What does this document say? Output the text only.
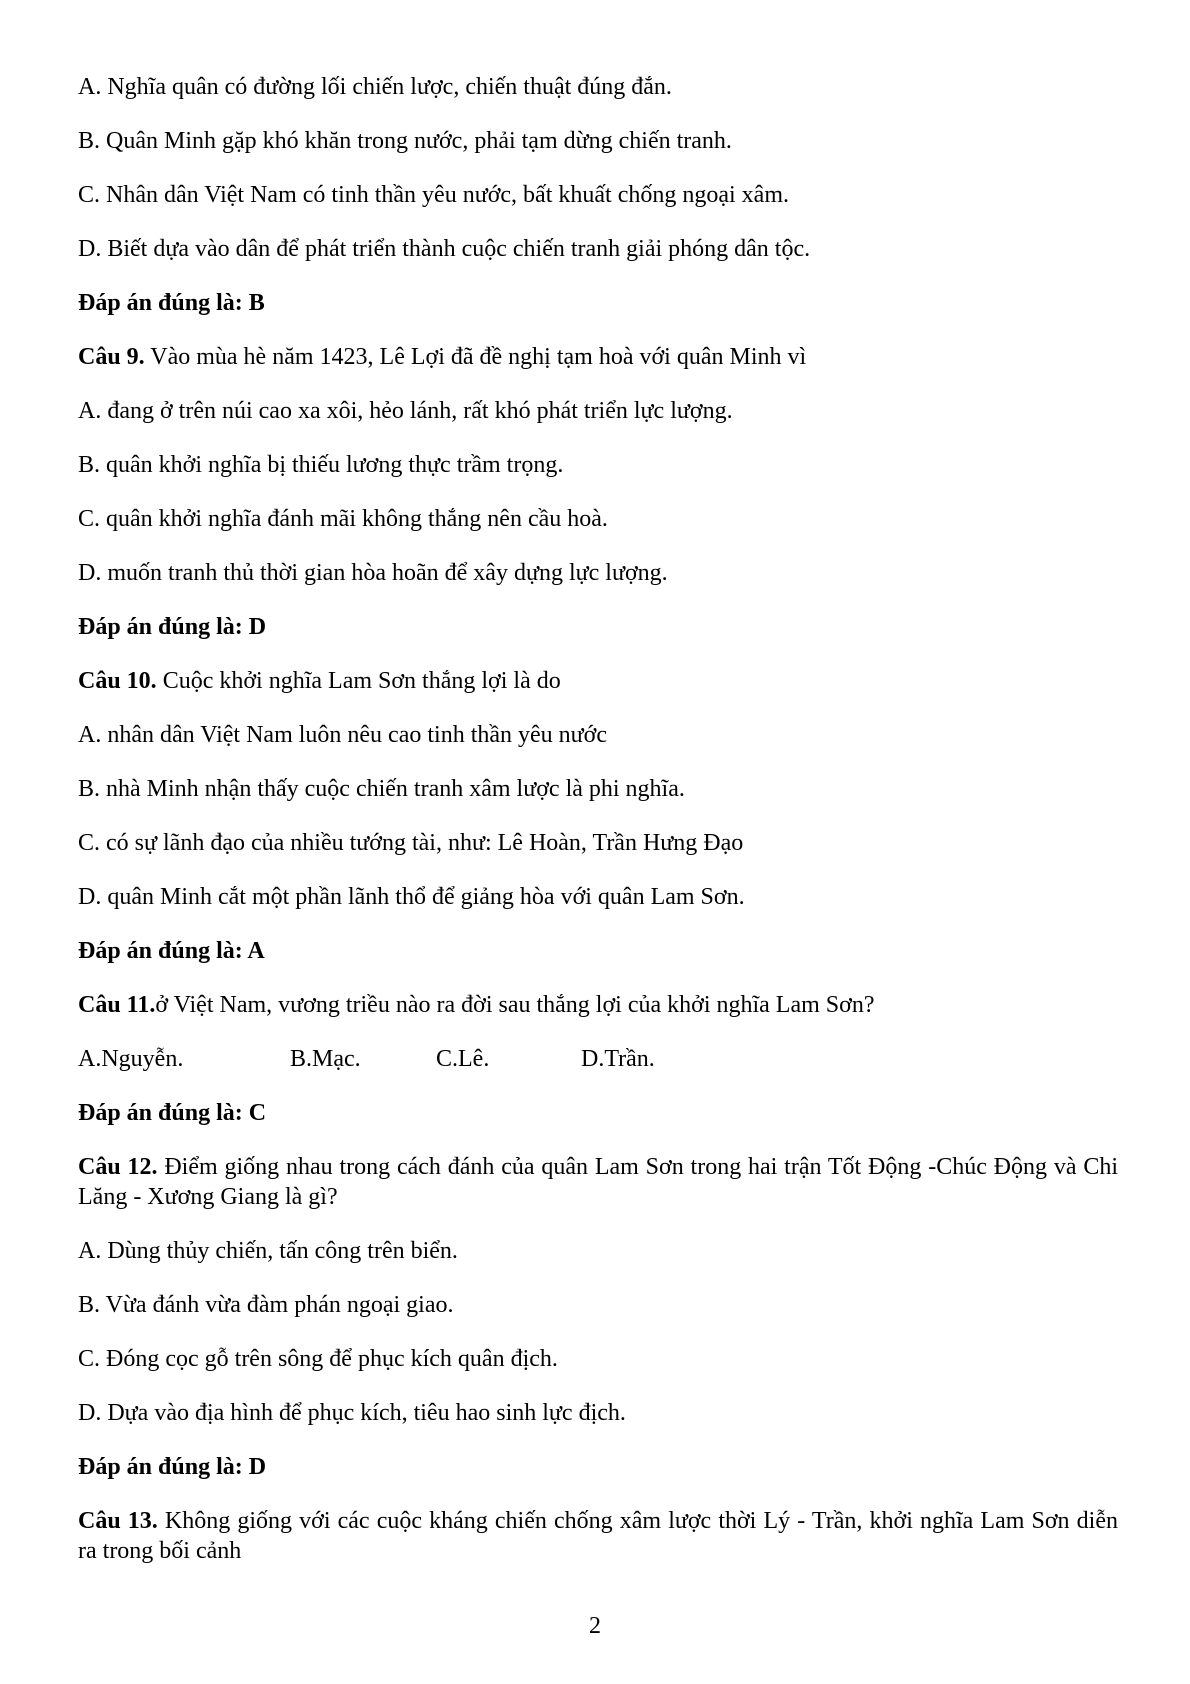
A. Nghĩa quân có đường lối chiến lược, chiến thuật đúng đắn.
B. Quân Minh gặp khó khăn trong nước, phải tạm dừng chiến tranh.
C. Nhân dân Việt Nam có tinh thần yêu nước, bất khuất chống ngoại xâm.
D. Biết dựa vào dân để phát triển thành cuộc chiến tranh giải phóng dân tộc.
Đáp án đúng là: B
Câu 9. Vào mùa hè năm 1423, Lê Lợi đã đề nghị tạm hoà với quân Minh vì
A. đang ở trên núi cao xa xôi, hẻo lánh, rất khó phát triển lực lượng.
B. quân khởi nghĩa bị thiếu lương thực trầm trọng.
C. quân khởi nghĩa đánh mãi không thắng nên cầu hoà.
D. muốn tranh thủ thời gian hòa hoãn để xây dựng lực lượng.
Đáp án đúng là: D
Câu 10. Cuộc khởi nghĩa Lam Sơn thắng lợi là do
A. nhân dân Việt Nam luôn nêu cao tinh thần yêu nước
B. nhà Minh nhận thấy cuộc chiến tranh xâm lược là phi nghĩa.
C. có sự lãnh đạo của nhiều tướng tài, như: Lê Hoàn, Trần Hưng Đạo
D. quân Minh cắt một phần lãnh thổ để giảng hòa với quân Lam Sơn.
Đáp án đúng là: A
Câu 11.ở Việt Nam, vương triều nào ra đời sau thắng lợi của khởi nghĩa Lam Sơn?
A.Nguyễn.	B.Mạc.	C.Lê.	D.Trần.
Đáp án đúng là: C
Câu 12. Điểm giống nhau trong cách đánh của quân Lam Sơn trong hai trận Tốt Động -Chúc Động và Chi Lăng - Xương Giang là gì?
A. Dùng thủy chiến, tấn công trên biển.
B. Vừa đánh vừa đàm phán ngoại giao.
C. Đóng cọc gỗ trên sông để phục kích quân địch.
D. Dựa vào địa hình để phục kích, tiêu hao sinh lực địch.
Đáp án đúng là: D
Câu 13. Không giống với các cuộc kháng chiến chống xâm lược thời Lý - Trần, khởi nghĩa Lam Sơn diễn ra trong bối cảnh
2
